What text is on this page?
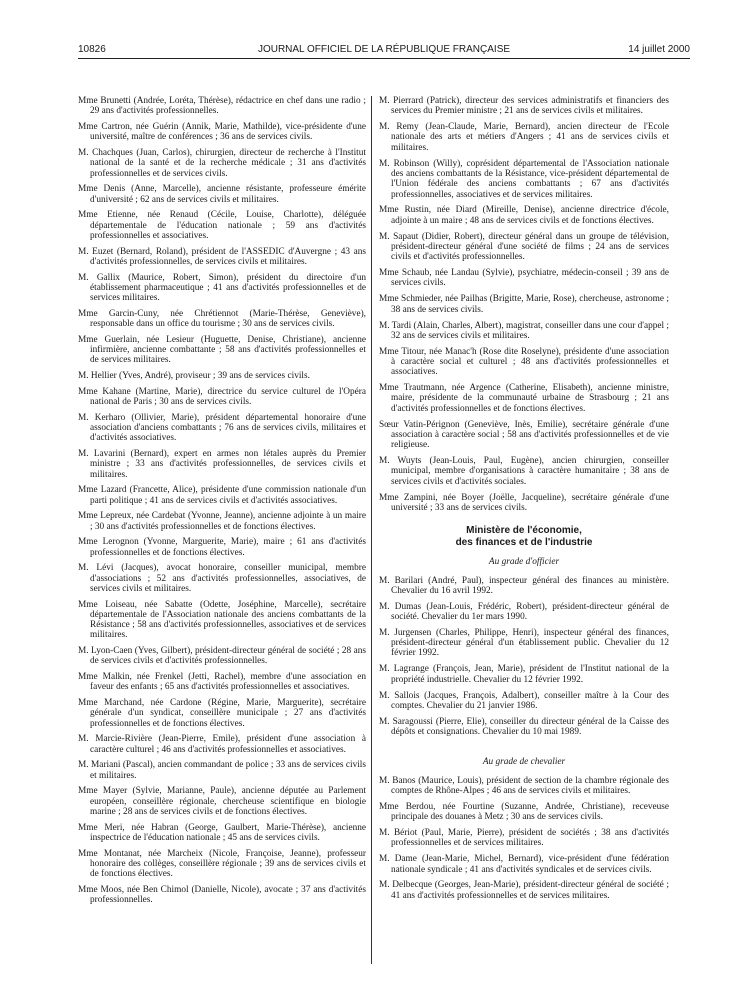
10826	JOURNAL OFFICIEL DE LA RÉPUBLIQUE FRANÇAISE	14 juillet 2000

Mme Brunetti (Andrée, Loréta, Thérèse), rédactrice en chef dans une radio ; 29 ans d'activités professionnelles.

Mme Cartron, née Guérin (Annik, Marie, Mathilde), vice-présidente d'une université, maître de conférences ; 36 ans de services civils.

M. Chachques (Juan, Carlos), chirurgien, directeur de recherche à l'Institut national de la santé et de la recherche médicale ; 31 ans d'activités professionnelles et de services civils.

Mme Denis (Anne, Marcelle), ancienne résistante, professeure émérite d'université ; 62 ans de services civils et militaires.

Mme Etienne, née Renaud (Cécile, Louise, Charlotte), déléguée départementale de l'éducation nationale ; 59 ans d'activités professionnelles et associatives.

M. Euzet (Bernard, Roland), président de l'ASSEDIC d'Auvergne ; 43 ans d'activités professionnelles, de services civils et militaires.

M. Gallix (Maurice, Robert, Simon), président du directoire d'un établissement pharmaceutique ; 41 ans d'activités professionnelles et de services militaires.

Mme Garcin-Cuny, née Chrétiennot (Marie-Thérèse, Geneviève), responsable dans un office du tourisme ; 30 ans de services civils.

Mme Guerlain, née Lesieur (Huguette, Denise, Christiane), ancienne infirmière, ancienne combattante ; 58 ans d'activités professionnelles et de services militaires.

M. Hellier (Yves, André), proviseur ; 39 ans de services civils.

Mme Kahane (Martine, Marie), directrice du service culturel de l'Opéra national de Paris ; 30 ans de services civils.

M. Kerharo (Ollivier, Marie), président départemental honoraire d'une association d'anciens combattants ; 76 ans de services civils, militaires et d'activités associatives.

M. Lavarini (Bernard), expert en armes non létales auprès du Premier ministre ; 33 ans d'activités professionnelles, de services civils et militaires.

Mme Lazard (Francette, Alice), présidente d'une commission nationale d'un parti politique ; 41 ans de services civils et d'activités associatives.

Mme Lepreux, née Cardebat (Yvonne, Jeanne), ancienne adjointe à un maire ; 30 ans d'activités professionnelles et de fonctions électives.

Mme Lerognon (Yvonne, Marguerite, Marie), maire ; 61 ans d'activités professionnelles et de fonctions électives.

M. Lévi (Jacques), avocat honoraire, conseiller municipal, membre d'associations ; 52 ans d'activités professionnelles, associatives, de services civils et militaires.

Mme Loiseau, née Sabatte (Odette, Joséphine, Marcelle), secrétaire départementale de l'Association nationale des anciens combattants de la Résistance ; 58 ans d'activités professionnelles, associatives et de services militaires.

M. Lyon-Caen (Yves, Gilbert), président-directeur général de société ; 28 ans de services civils et d'activités professionnelles.

Mme Malkin, née Frenkel (Jetti, Rachel), membre d'une association en faveur des enfants ; 65 ans d'activités professionnelles et associatives.

Mme Marchand, née Cardone (Régine, Marie, Marguerite), secrétaire générale d'un syndicat, conseillère municipale ; 27 ans d'activités professionnelles et de fonctions électives.

M. Marcie-Rivière (Jean-Pierre, Emile), président d'une association à caractère culturel ; 46 ans d'activités professionnelles et associatives.

M. Mariani (Pascal), ancien commandant de police ; 33 ans de services civils et militaires.

Mme Mayer (Sylvie, Marianne, Paule), ancienne députée au Parlement européen, conseillère régionale, chercheuse scientifique en biologie marine ; 28 ans de services civils et de fonctions électives.

Mme Meri, née Habran (George, Gaulbert, Marie-Thérèse), ancienne inspectrice de l'éducation nationale ; 45 ans de services civils.

Mme Montanat, née Marcheix (Nicole, Françoise, Jeanne), professeur honoraire des collèges, conseillère régionale ; 39 ans de services civils et de fonctions électives.

Mme Moos, née Ben Chimol (Danielle, Nicole), avocate ; 37 ans d'activités professionnelles.

M. Pierrard (Patrick), directeur des services administratifs et financiers des services du Premier ministre ; 21 ans de services civils et militaires.

M. Remy (Jean-Claude, Marie, Bernard), ancien directeur de l'Ecole nationale des arts et métiers d'Angers ; 41 ans de services civils et militaires.

M. Robinson (Willy), coprésident départemental de l'Association nationale des anciens combattants de la Résistance, vice-président départemental de l'Union fédérale des anciens combattants ; 67 ans d'activités professionnelles, associatives et de services militaires.

Mme Rustin, née Diard (Mireille, Denise), ancienne directrice d'école, adjointe à un maire ; 48 ans de services civils et de fonctions électives.

M. Sapaut (Didier, Robert), directeur général dans un groupe de télévision, président-directeur général d'une société de films ; 24 ans de services civils et d'activités professionnelles.

Mme Schaub, née Landau (Sylvie), psychiatre, médecin-conseil ; 39 ans de services civils.

Mme Schmieder, née Pailhas (Brigitte, Marie, Rose), chercheuse, astronome ; 38 ans de services civils.

M. Tardi (Alain, Charles, Albert), magistrat, conseiller dans une cour d'appel ; 32 ans de services civils et militaires.

Mme Titour, née Manac'h (Rose dite Roselyne), présidente d'une association à caractère social et culturel ; 48 ans d'activités professionnelles et associatives.

Mme Trautmann, née Argence (Catherine, Elisabeth), ancienne ministre, maire, présidente de la communauté urbaine de Strasbourg ; 21 ans d'activités professionnelles et de fonctions électives.

Sœur Vatin-Pérignon (Geneviève, Inès, Emilie), secrétaire générale d'une association à caractère social ; 58 ans d'activités professionnelles et de vie religieuse.

M. Wuyts (Jean-Louis, Paul, Eugène), ancien chirurgien, conseiller municipal, membre d'organisations à caractère humanitaire ; 38 ans de services civils et d'activités sociales.

Mme Zampini, née Boyer (Joëlle, Jacqueline), secrétaire générale d'une université ; 33 ans de services civils.

Ministère de l'économie,
des finances et de l'industrie
Au grade d'officier

M. Barilari (André, Paul), inspecteur général des finances au ministère. Chevalier du 16 avril 1992.

M. Dumas (Jean-Louis, Frédéric, Robert), président-directeur général de société. Chevalier du 1er mars 1990.

M. Jurgensen (Charles, Philippe, Henri), inspecteur général des finances, président-directeur général d'un établissement public. Chevalier du 12 février 1992.

M. Lagrange (François, Jean, Marie), président de l'Institut national de la propriété industrielle. Chevalier du 12 février 1992.

M. Sallois (Jacques, François, Adalbert), conseiller maître à la Cour des comptes. Chevalier du 21 janvier 1986.

M. Saragoussi (Pierre, Elie), conseiller du directeur général de la Caisse des dépôts et consignations. Chevalier du 10 mai 1989.

Au grade de chevalier

M. Banos (Maurice, Louis), président de section de la chambre régionale des comptes de Rhône-Alpes ; 46 ans de services civils et militaires.

Mme Berdou, née Fourtine (Suzanne, Andrée, Christiane), receveuse principale des douanes à Metz ; 30 ans de services civils.

M. Bériot (Paul, Marie, Pierre), président de sociétés ; 38 ans d'activités professionnelles et de services militaires.

M. Dame (Jean-Marie, Michel, Bernard), vice-président d'une fédération nationale syndicale ; 41 ans d'activités syndicales et de services civils.

M. Delbecque (Georges, Jean-Marie), président-directeur général de société ; 41 ans d'activités professionnelles et de services militaires.
